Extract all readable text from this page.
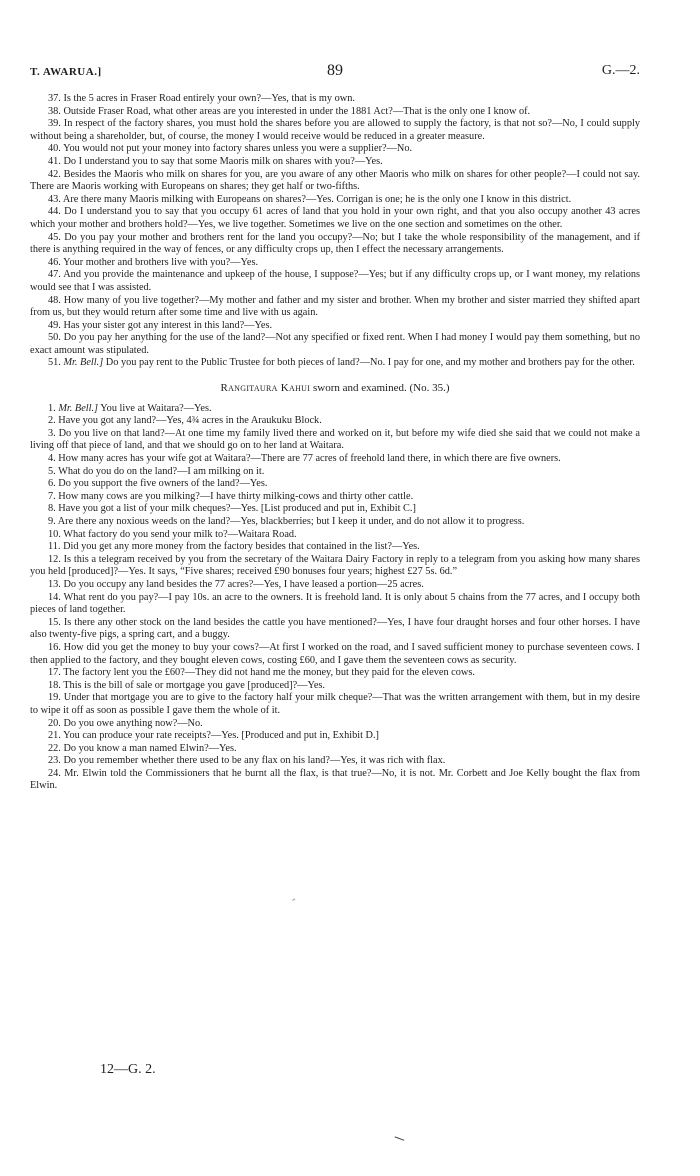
T. AWARUA.]	89	G.—2.

37. Is the 5 acres in Fraser Road entirely your own?—Yes, that is my own.

38. Outside Fraser Road, what other areas are you interested in under the 1881 Act?—That is the only one I know of.

39. In respect of the factory shares, you must hold the shares before you are allowed to supply the factory, is that not so?—No, I could supply without being a shareholder, but, of course, the money I would receive would be reduced in a greater measure.

40. You would not put your money into factory shares unless you were a supplier?—No.

41. Do I understand you to say that some Maoris milk on shares with you?—Yes.

42. Besides the Maoris who milk on shares for you, are you aware of any other Maoris who milk on shares for other people?—I could not say. There are Maoris working with Europeans on shares; they get half or two-fifths.

43. Are there many Maoris milking with Europeans on shares?—Yes. Corrigan is one; he is the only one I know in this district.

44. Do I understand you to say that you occupy 61 acres of land that you hold in your own right, and that you also occupy another 43 acres which your mother and brothers hold?—Yes, we live together. Sometimes we live on the one section and sometimes on the other.

45. Do you pay your mother and brothers rent for the land you occupy?—No; but I take the whole responsibility of the management, and if there is anything required in the way of fences, or any difficulty crops up, then I effect the necessary arrangements.

46. Your mother and brothers live with you?—Yes.

47. And you provide the maintenance and upkeep of the house, I suppose?—Yes; but if any difficulty crops up, or I want money, my relations would see that I was assisted.

48. How many of you live together?—My mother and father and my sister and brother. When my brother and sister married they shifted apart from us, but they would return after some time and live with us again.

49. Has your sister got any interest in this land?—Yes.

50. Do you pay her anything for the use of the land?—Not any specified or fixed rent. When I had money I would pay them something, but no exact amount was stipulated.

51. Mr. Bell.] Do you pay rent to the Public Trustee for both pieces of land?—No. I pay for one, and my mother and brothers pay for the other.

Rangitaura Kahui sworn and examined. (No. 35.)

1. Mr. Bell.] You live at Waitara?—Yes.

2. Have you got any land?—Yes, 4¾ acres in the Araukuku Block.

3. Do you live on that land?—At one time my family lived there and worked on it, but before my wife died she said that we could not make a living off that piece of land, and that we should go on to her land at Waitara.

4. How many acres has your wife got at Waitara?—There are 77 acres of freehold land there, in which there are five owners.

5. What do you do on the land?—I am milking on it.

6. Do you support the five owners of the land?—Yes.

7. How many cows are you milking?—I have thirty milking-cows and thirty other cattle.

8. Have you got a list of your milk cheques?—Yes. [List produced and put in, Exhibit C.]

9. Are there any noxious weeds on the land?—Yes, blackberries; but I keep it under, and do not allow it to progress.

10. What factory do you send your milk to?—Waitara Road.

11. Did you get any more money from the factory besides that contained in the list?—Yes.

12. Is this a telegram received by you from the secretary of the Waitara Dairy Factory in reply to a telegram from you asking how many shares you held [produced]?—Yes. It says, “Five shares; received £90 bonuses four years; highest £27 5s. 6d.”

13. Do you occupy any land besides the 77 acres?—Yes, I have leased a portion—25 acres.

14. What rent do you pay?—I pay 10s. an acre to the owners. It is freehold land. It is only about 5 chains from the 77 acres, and I occupy both pieces of land together.

15. Is there any other stock on the land besides the cattle you have mentioned?—Yes, I have four draught horses and four other horses. I have also twenty-five pigs, a spring cart, and a buggy.

16. How did you get the money to buy your cows?—At first I worked on the road, and I saved sufficient money to purchase seventeen cows. I then applied to the factory, and they bought eleven cows, costing £60, and I gave them the seventeen cows as security.

17. The factory lent you the £60?—They did not hand me the money, but they paid for the eleven cows.

18. This is the bill of sale or mortgage you gave [produced]?—Yes.

19. Under that mortgage you are to give to the factory half your milk cheque?—That was the written arrangement with them, but in my desire to wipe it off as soon as possible I gave them the whole of it.

20. Do you owe anything now?—No.

21. You can produce your rate receipts?—Yes. [Produced and put in, Exhibit D.]

22. Do you know a man named Elwin?—Yes.

23. Do you remember whether there used to be any flax on his land?—Yes, it was rich with flax.

24. Mr. Elwin told the Commissioners that he burnt all the flax, is that true?—No, it is not. Mr. Corbett and Joe Kelly bought the flax from Elwin.

12—G. 2.
